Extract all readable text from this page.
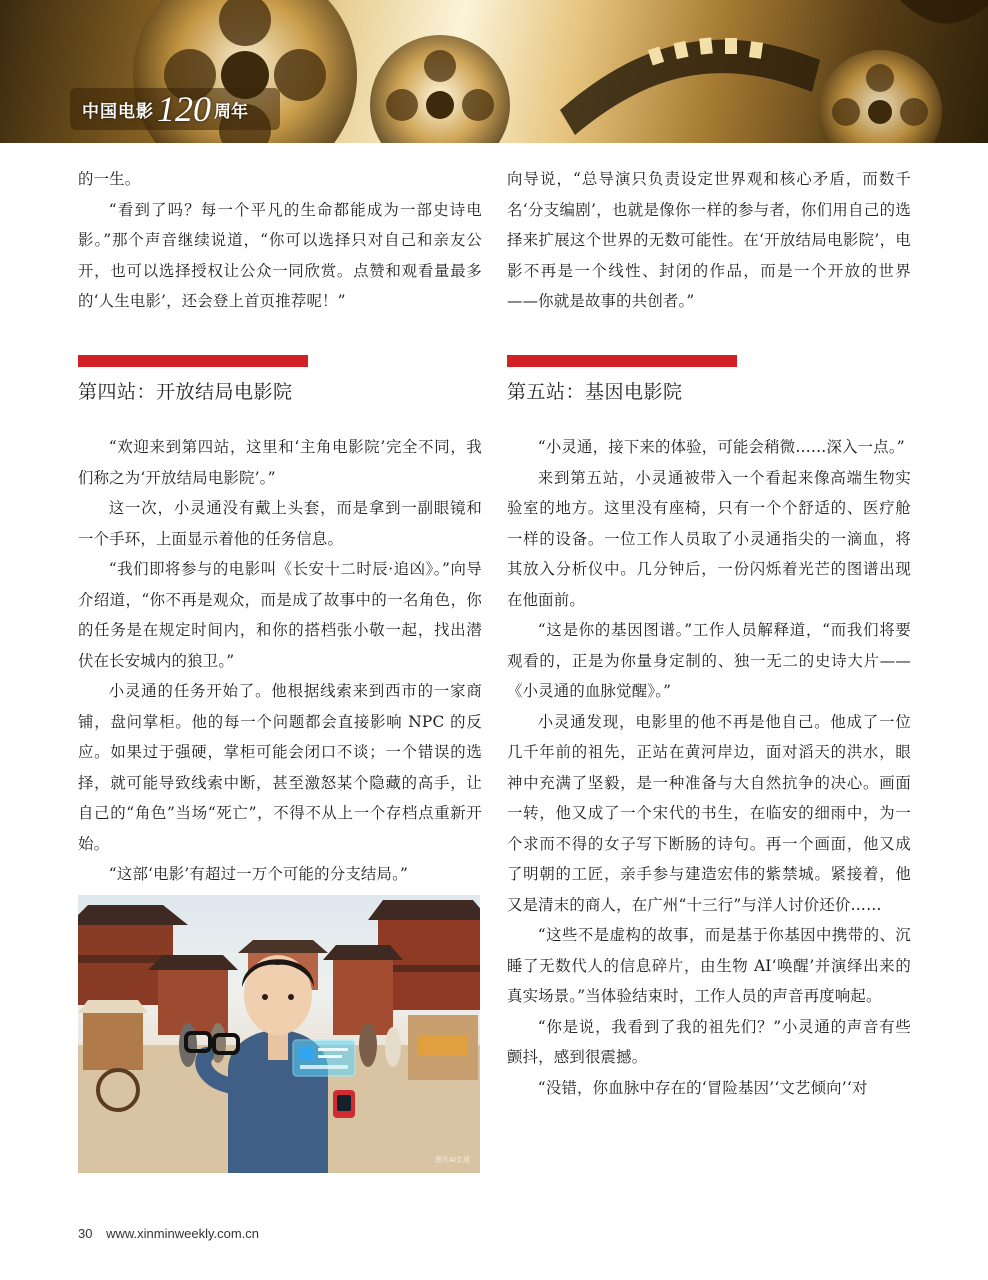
中国电影 120 周年

的一生。

“看到了吗？每一个平凡的生命都能成为一部史诗电影。”那个声音继续说道，“你可以选择只对自己和亲友公开，也可以选择授权让公众一同欣赏。点赞和观看量最多的‘人生电影’，还会登上首页推荐呢！”

向导说，“总导演只负责设定世界观和核心矛盾，而数千名‘分支编剧’，也就是像你一样的参与者，你们用自己的选择来扩展这个世界的无数可能性。在‘开放结局电影院’，电影不再是一个线性、封闭的作品，而是一个开放的世界——你就是故事的共创者。”

第四站：开放结局电影院	第五站：基因电影院

“欢迎来到第四站，这里和‘主角电影院’完全不同，我们称之为‘开放结局电影院’。”

这一次，小灵通没有戴上头套，而是拿到一副眼镜和一个手环，上面显示着他的任务信息。

“我们即将参与的电影叫《长安十二时辰·追凶》。”向导介绍道，“你不再是观众，而是成了故事中的一名角色，你的任务是在规定时间内，和你的搭档张小敬一起，找出潜伏在长安城内的狼卫。”

小灵通的任务开始了。他根据线索来到西市的一家商铺，盘问掌柜。他的每一个问题都会直接影响 NPC 的反应。如果过于强硬，掌柜可能会闭口不谈；一个错误的选择，就可能导致线索中断，甚至激怒某个隐藏的高手，让自己的“角色”当场“死亡”，不得不从上一个存档点重新开始。

“这部‘电影’有超过一万个可能的分支结局。”

“小灵通，接下来的体验，可能会稍微……深入一点。”

来到第五站，小灵通被带入一个看起来像高端生物实验室的地方。这里没有座椅，只有一个个舒适的、医疗舱一样的设备。一位工作人员取了小灵通指尖的一滴血，将其放入分析仪中。几分钟后，一份闪烁着光芒的图谱出现在他面前。

“这是你的基因图谱。”工作人员解释道，“而我们将要观看的，正是为你量身定制的、独一无二的史诗大片——《小灵通的血脉觉醒》。”

小灵通发现，电影里的他不再是他自己。他成了一位几千年前的祖先，正站在黄河岸边，面对滔天的洪水，眼神中充满了坚毅，是一种准备与大自然抗争的决心。画面一转，他又成了一个宋代的书生，在临安的细雨中，为一个求而不得的女子写下断肠的诗句。再一个画面，他又成了明朝的工匠，亲手参与建造宏伟的紫禁城。紧接着，他又是清末的商人，在广州“十三行”与洋人讨价还价……

“这些不是虚构的故事，而是基于你基因中携带的、沉睡了无数代人的信息碎片，由生物 AI‘唤醒’并演绎出来的真实场景。”当体验结束时，工作人员的声音再度响起。

“你是说，我看到了我的祖先们？”小灵通的声音有些颤抖，感到很震撼。

“没错，你血脉中存在的‘冒险基因’‘文艺倾向’‘对

图片AI生成
30 www.xinminweekly.com.cn
